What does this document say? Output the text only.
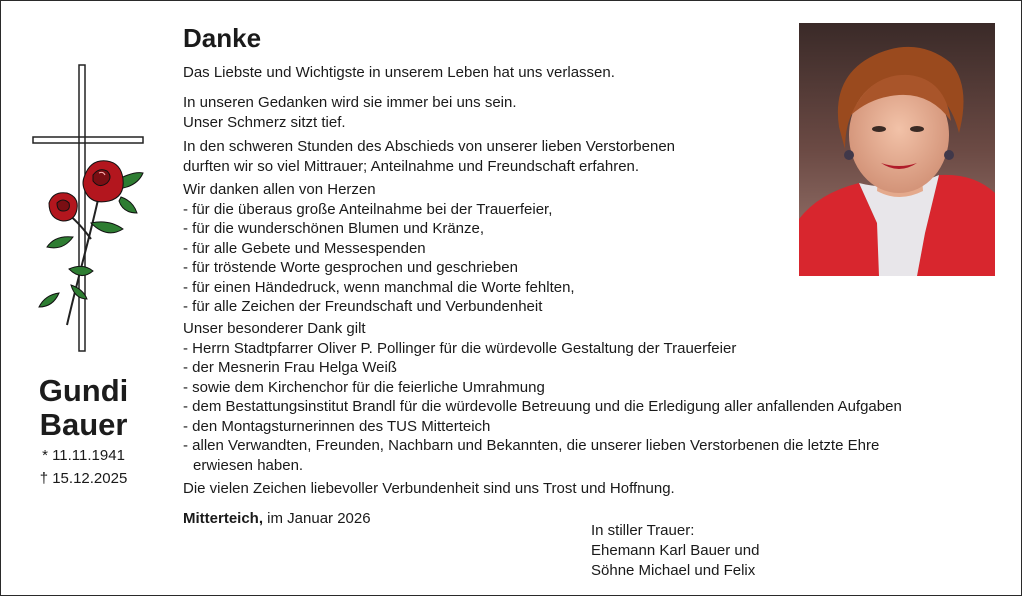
Gundi
Bauer
* 11.11.1941
† 15.12.2025
Danke
Das Liebste und Wichtigste in unserem Leben hat uns verlassen.
In unseren Gedanken wird sie immer bei uns sein.
Unser Schmerz sitzt tief.
In den schweren Stunden des Abschieds von unserer lieben Verstorbenen
durften wir so viel Mittrauer; Anteilnahme und Freundschaft erfahren.
Wir danken allen von Herzen
- für die überaus große Anteilnahme bei der Trauerfeier,
- für die wunderschönen Blumen und Kränze,
- für alle Gebete und Messespenden
- für tröstende Worte gesprochen und geschrieben
- für einen Händedruck, wenn manchmal die Worte fehlten,
- für alle Zeichen der Freundschaft und Verbundenheit
Unser besonderer Dank gilt
- Herrn Stadtpfarrer Oliver P. Pollinger für die würdevolle Gestaltung der Trauerfeier
- der Mesnerin Frau Helga Weiß
- sowie dem Kirchenchor für die feierliche Umrahmung
- dem Bestattungsinstitut Brandl für die würdevolle Betreuung und die Erledigung aller anfallenden Aufgaben
- den Montagsturnerinnen des TUS Mitterteich
- allen Verwandten, Freunden, Nachbarn und Bekannten, die unserer lieben Verstorbenen die letzte Ehre
erwiesen haben.
Die vielen Zeichen liebevoller Verbundenheit sind uns Trost und Hoffnung.
Mitterteich, im Januar 2026
In stiller Trauer:
Ehemann Karl Bauer und
Söhne Michael und Felix
